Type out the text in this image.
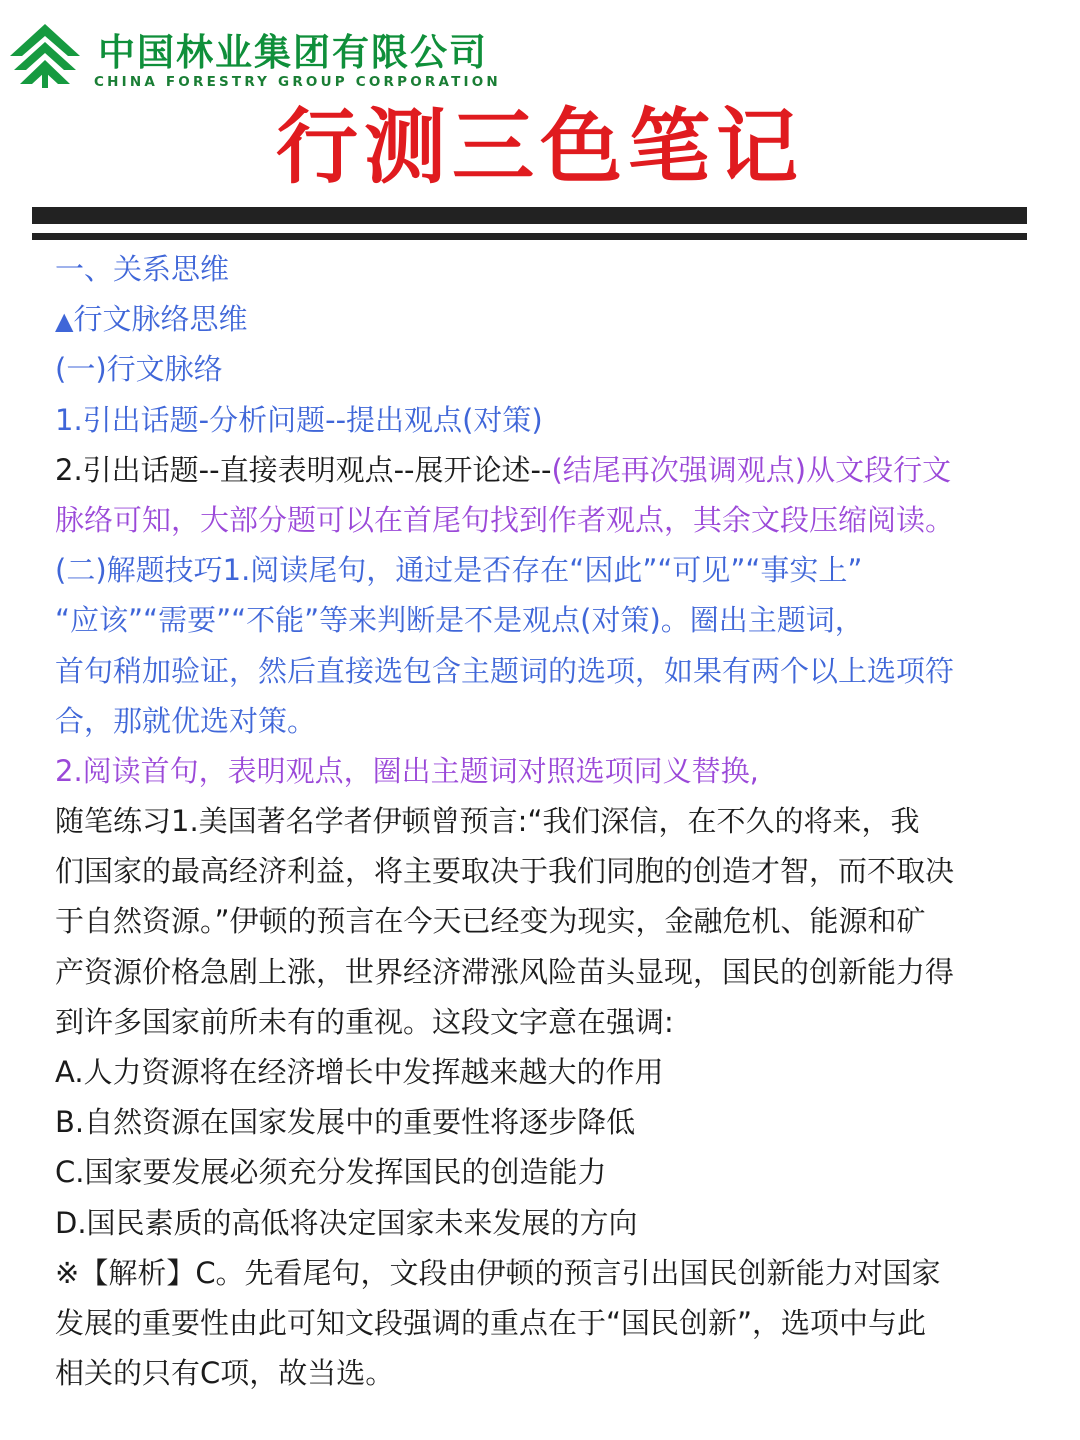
中国林业集团有限公司
CHINA FORESTRY GROUP CORPORATION
行测三色笔记
一、关系思维
▲行文脉络思维
(一)行文脉络
1.引出话题-分析问题--提出观点(对策)
2.引出话题--直接表明观点--展开论述--(结尾再次强调观点)从文段行文
脉络可知，大部分题可以在首尾句找到作者观点，其余文段压缩阅读。
(二)解题技巧1.阅读尾句，通过是否存在“因此”“可见”“事实上”
“应该”“需要”“不能”等来判断是不是观点(对策)。圈出主题词，
首句稍加验证，然后直接选包含主题词的选项，如果有两个以上选项符
合，那就优选对策。
2.阅读首句，表明观点，圈出主题词对照选项同义替换,
随笔练习1.美国著名学者伊顿曾预言:“我们深信，在不久的将来，我
们国家的最高经济利益，将主要取决于我们同胞的创造才智，而不取决
于自然资源。”伊顿的预言在今天已经变为现实，金融危机、能源和矿
产资源价格急剧上涨，世界经济滞涨风险苗头显现，国民的创新能力得
到许多国家前所未有的重视。这段文字意在强调:
A.人力资源将在经济增长中发挥越来越大的作用
B.自然资源在国家发展中的重要性将逐步降低
C.国家要发展必须充分发挥国民的创造能力
D.国民素质的高低将决定国家未来发展的方向
※【解析】C。先看尾句，文段由伊顿的预言引出国民创新能力对国家
发展的重要性由此可知文段强调的重点在于“国民创新”，选项中与此
相关的只有C项，故当选。
